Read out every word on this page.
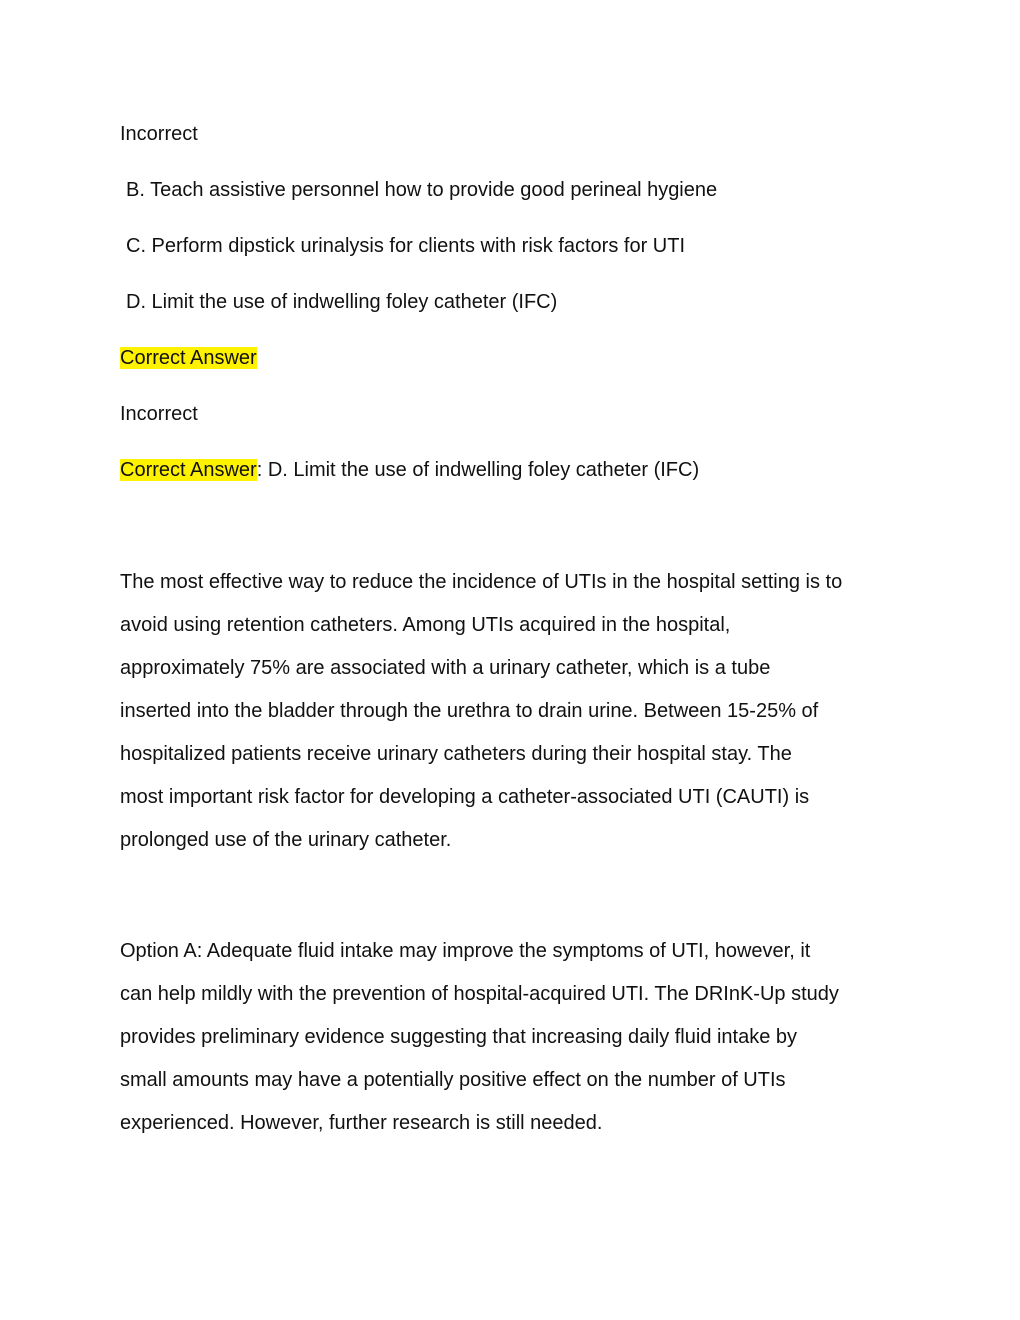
Incorrect
B. Teach assistive personnel how to provide good perineal hygiene
C. Perform dipstick urinalysis for clients with risk factors for UTI
D. Limit the use of indwelling foley catheter (IFC)
Correct Answer
Incorrect
Correct Answer: D. Limit the use of indwelling foley catheter (IFC)
The most effective way to reduce the incidence of UTIs in the hospital setting is to
avoid using retention catheters. Among UTIs acquired in the hospital,
approximately 75% are associated with a urinary catheter, which is a tube
inserted into the bladder through the urethra to drain urine. Between 15-25% of
hospitalized patients receive urinary catheters during their hospital stay. The
most important risk factor for developing a catheter-associated UTI (CAUTI) is
prolonged use of the urinary catheter.
Option A: Adequate fluid intake may improve the symptoms of UTI, however, it
can help mildly with the prevention of hospital-acquired UTI. The DRInK-Up study
provides preliminary evidence suggesting that increasing daily fluid intake by
small amounts may have a potentially positive effect on the number of UTIs
experienced. However, further research is still needed.
